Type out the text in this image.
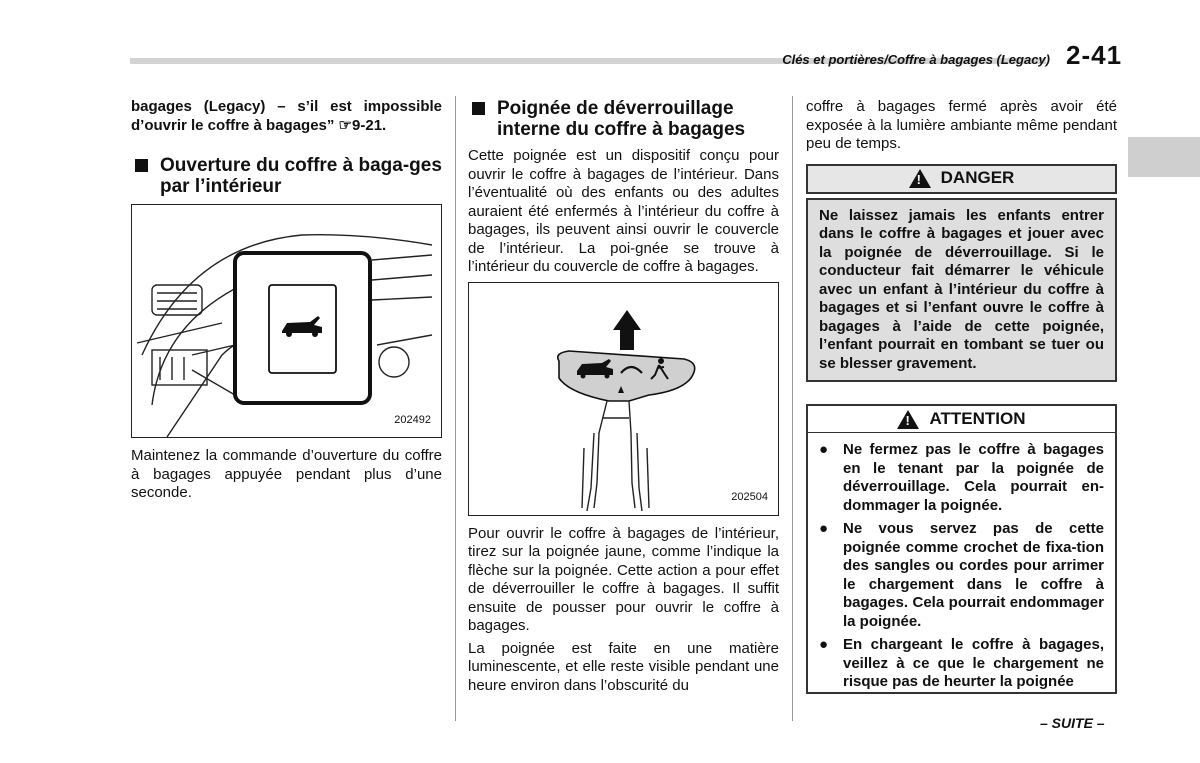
Clés et portières/Coffre à bagages (Legacy) 2-41

bagages (Legacy) – s’il est impossible d’ouvrir le coffre à bagages” ☞9-21.

Ouverture du coffre à baga-ges par l’intérieur
202492

Maintenez la commande d’ouverture du coffre à bagages appuyée pendant plus d’une seconde.

Poignée de déverrouillage interne du coffre à bagages

Cette poignée est un dispositif conçu pour ouvrir le coffre à bagages de l’intérieur. Dans l’éventualité où des enfants ou des adultes auraient été enfermés à l’intérieur du coffre à bagages, ils peuvent ainsi ouvrir le couvercle de l’intérieur. La poi-gnée se trouve à l’intérieur du couvercle de coffre à bagages.

202504

Pour ouvrir le coffre à bagages de l’intérieur, tirez sur la poignée jaune, comme l’indique la flèche sur la poignée. Cette action a pour effet de déverrouiller le coffre à bagages. Il suffit ensuite de pousser pour ouvrir le coffre à bagages.

La poignée est faite en une matière luminescente, et elle reste visible pendant une heure environ dans l’obscurité du

coffre à bagages fermé après avoir été exposée à la lumière ambiante même pendant peu de temps.

! DANGER

Ne laissez jamais les enfants entrer dans le coffre à bagages et jouer avec la poignée de déverrouillage. Si le conducteur fait démarrer le véhicule avec un enfant à l’intérieur du coffre à bagages et si l’enfant ouvre le coffre à bagages à l’aide de cette poignée, l’enfant pourrait en tombant se tuer ou se blesser gravement.

! ATTENTION
● Ne fermez pas le coffre à bagages en le tenant par la poignée de déverrouillage. Cela pourrait en-dommager la poignée.

● Ne vous servez pas de cette poignée comme crochet de fixa-tion des sangles ou cordes pour arrimer le chargement dans le coffre à bagages. Cela pourrait endommager la poignée.

● En chargeant le coffre à bagages, veillez à ce que le chargement ne risque pas de heurter la poignée

– SUITE –
